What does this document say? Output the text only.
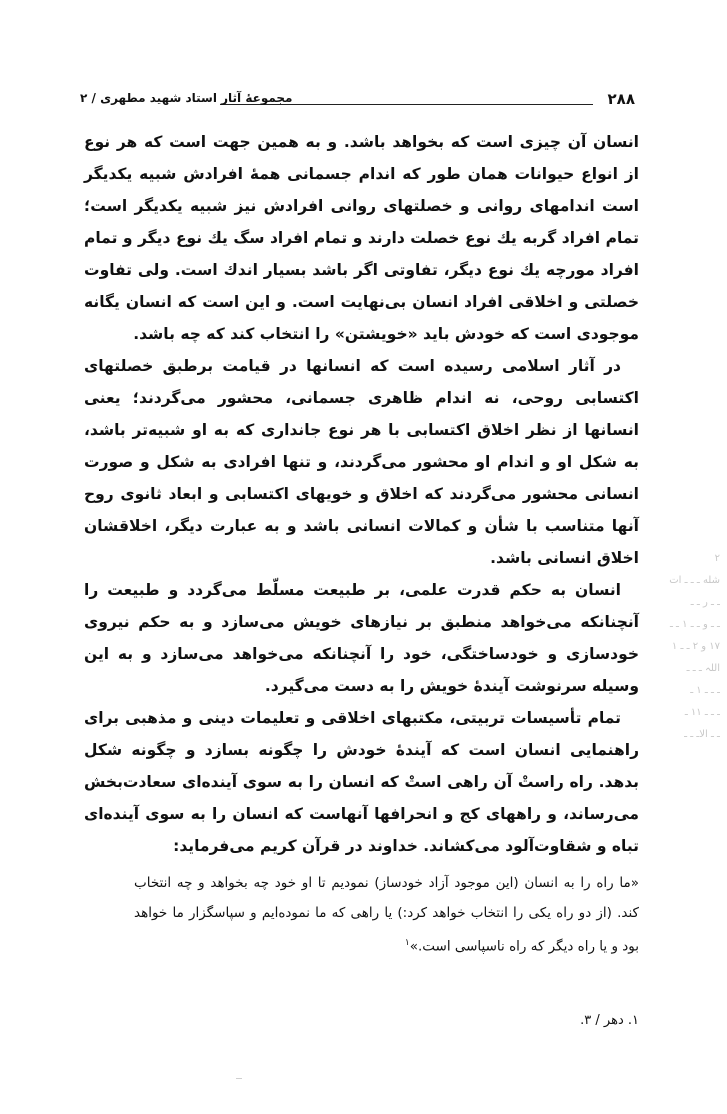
۲۸۸
مجموعهٔ آثار استاد شهید مطهری / ۲

انسان آن چیزی است که بخواهد باشد. و به همین جهت است که هر نوع از انواع حیوانات همان طور که اندام جسمانی همهٔ افرادش شبیه یکدیگر است اندامهای روانی و خصلتهای روانی افرادش نیز شبیه یکدیگر است؛ تمام افراد گربه یك نوع خصلت دارند و تمام افراد سگ یك نوع دیگر و تمام افراد مورچه یك نوع دیگر، تفاوتی اگر باشد بسیار اندك است. ولی تفاوت خصلتی و اخلاقی افراد انسان بی‌نهایت است. و این است که انسان یگانه موجودی است که خودش باید «خویشتن» را انتخاب کند که چه باشد.

در آثار اسلامی رسیده است که انسانها در قیامت برطبق خصلتهای اکتسابی روحی، نه اندام ظاهری جسمانی، محشور می‌گردند؛ یعنی انسانها از نظر اخلاق اکتسابی با هر نوع جانداری که به او شبیه‌تر باشد، به شکل او و اندام او محشور می‌گردند، و تنها افرادی به شکل و صورت انسانی محشور می‌گردند که اخلاق و خویهای اکتسابی و ابعاد ثانوی روح آنها متناسب با شأن و کمالات انسانی باشد و به عبارت دیگر، اخلاقشان اخلاق انسانی باشد.

انسان به حکم قدرت علمی، بر طبیعت مسلّط می‌گردد و طبیعت را آنچنانکه می‌خواهد منطبق بر نیازهای خویش می‌سازد و به حکم نیروی خودسازی و خودساختگی، خود را آنچنانکه می‌خواهد می‌سازد و به این وسیله سرنوشت آیندهٔ خویش را به دست می‌گیرد.

تمام تأسیسات تربیتی، مکتبهای اخلاقی و تعلیمات دینی و مذهبی برای راهنمایی انسان است که آیندهٔ خودش را چگونه بسازد و چگونه شکل بدهد. راه راستْ آن راهی استْ که انسان را به سوی آینده‌ای سعادت‌بخش می‌رساند، و راههای کج و انحرافها آنهاست که انسان را به سوی آینده‌ای تباه و شقاوت‌آلود می‌کشاند. خداوند در قرآن کریم می‌فرماید:

«ما راه را به انسان (این موجود آزاد خودساز) نمودیم تا او خود چه بخواهد و چه انتخاب کند. (از دو راه یکی را انتخاب خواهد کرد:) یا راهی که ما نموده‌ایم و سپاسگزار ما خواهد بود و یا راه دیگر که راه ناسپاسی است.»$^۱$
۱. دهر / ۳.
۲
شله ـ ـ ـ ات
ـ ـ ر ـ ـ
ـ ـ و ـ ـ ۱ ـ ـ
۱۷ و ۲ ـ ـ ۱
اللہ ـ ـ ـ
ـ ـ ـ ۱ ـ
ـ ـ ـ ۱۱ ـ
ـ ـ الاـ ـ ـ
